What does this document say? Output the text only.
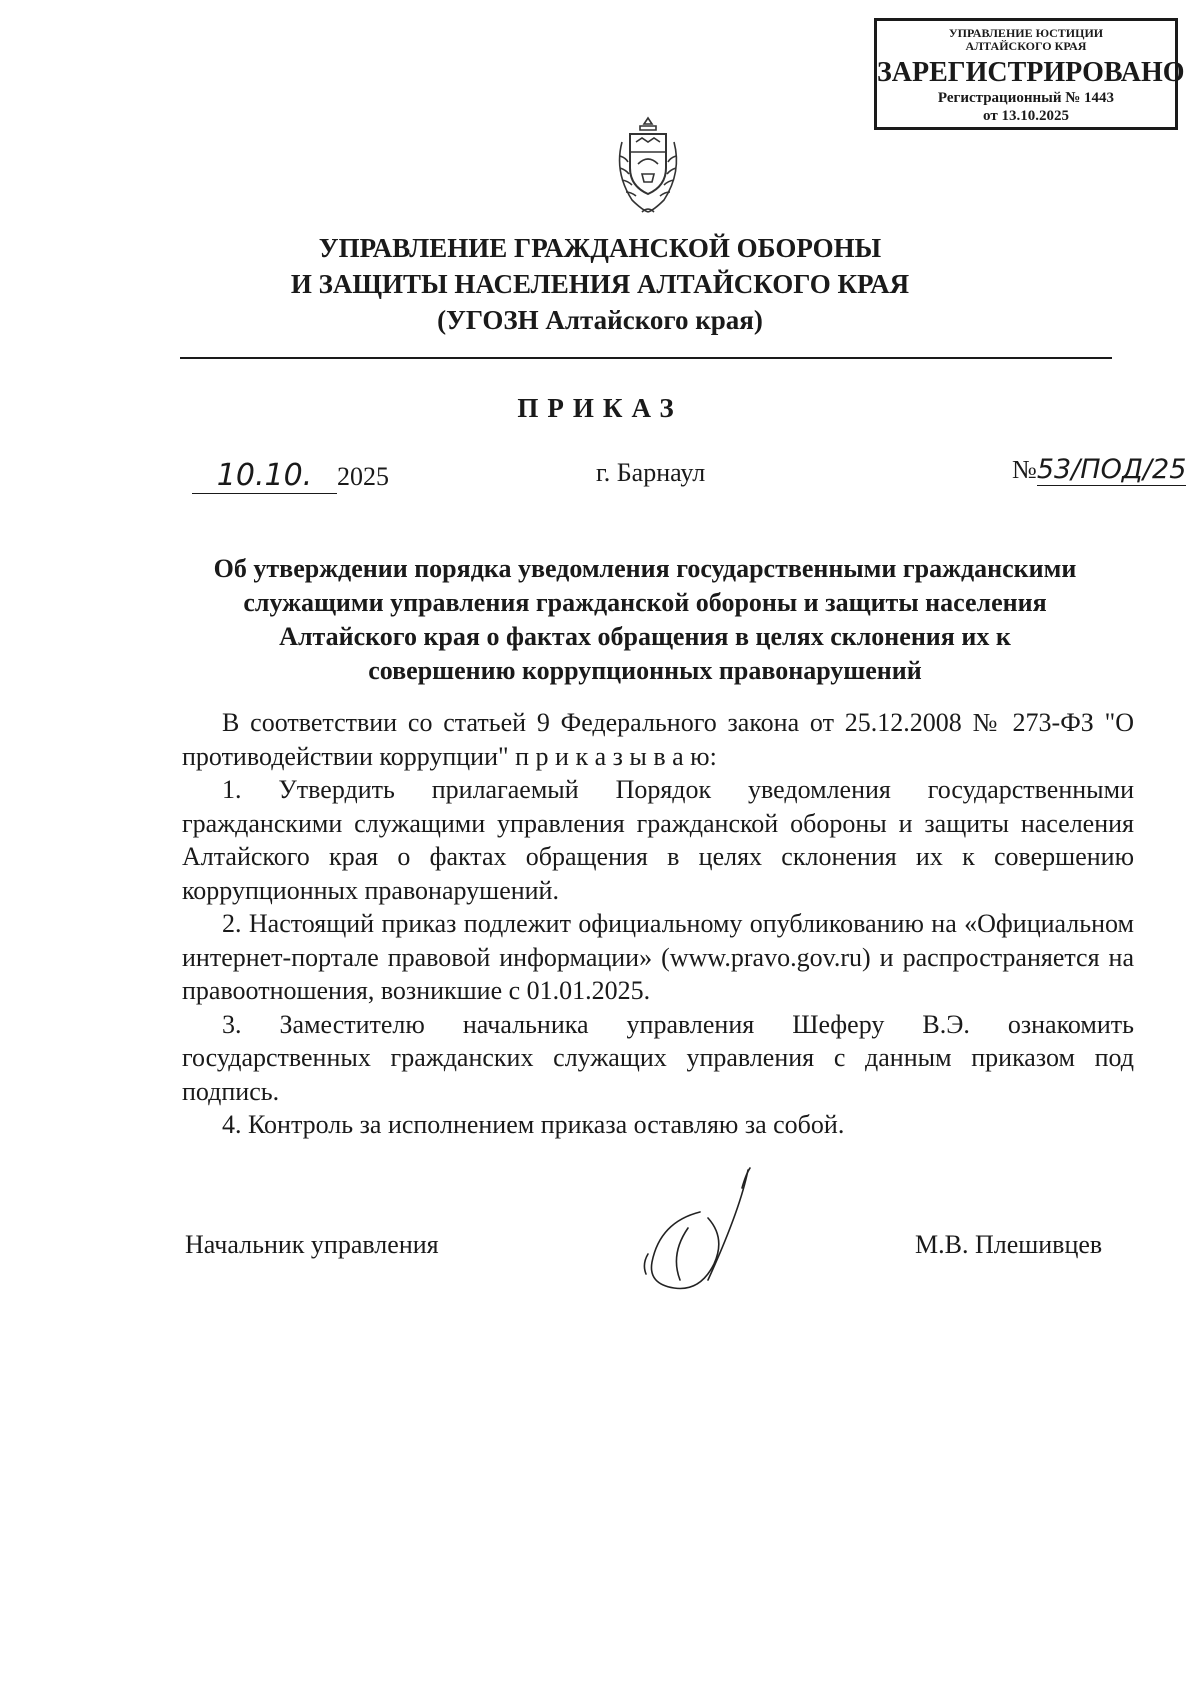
УПРАВЛЕНИЕ ЮСТИЦИИ
АЛТАЙСКОГО КРАЯ
ЗАРЕГИСТРИРОВАНО
Регистрационный № 1443
от 13.10.2025
УПРАВЛЕНИЕ ГРАЖДАНСКОЙ ОБОРОНЫ
И ЗАЩИТЫ НАСЕЛЕНИЯ АЛТАЙСКОГО КРАЯ
(УГОЗН Алтайского края)
ПРИКАЗ
10.10. 2025	г. Барнаул	№53/ПОД/25
Об утверждении порядка уведомления государственными гражданскими
служащими управления гражданской обороны и защиты населения
Алтайского края о фактах обращения в целях склонения их к
совершению коррупционных правонарушений

В соответствии со статьей 9 Федерального закона от 25.12.2008 № 273-ФЗ "О противодействии коррупции" п р и к а з ы в а ю:

1. Утвердить прилагаемый Порядок уведомления государственными гражданскими служащими управления гражданской обороны и защиты населения Алтайского края о фактах обращения в целях склонения их к совершению коррупционных правонарушений.

2. Настоящий приказ подлежит официальному опубликованию на «Официальном интернет-портале правовой информации» (www.pravo.gov.ru) и распространяется на правоотношения, возникшие с 01.01.2025.

3. Заместителю начальника управления Шеферу В.Э. ознакомить государственных гражданских служащих управления с данным приказом под подпись.

4. Контроль за исполнением приказа оставляю за собой.

Начальник управления	М.В. Плешивцев
